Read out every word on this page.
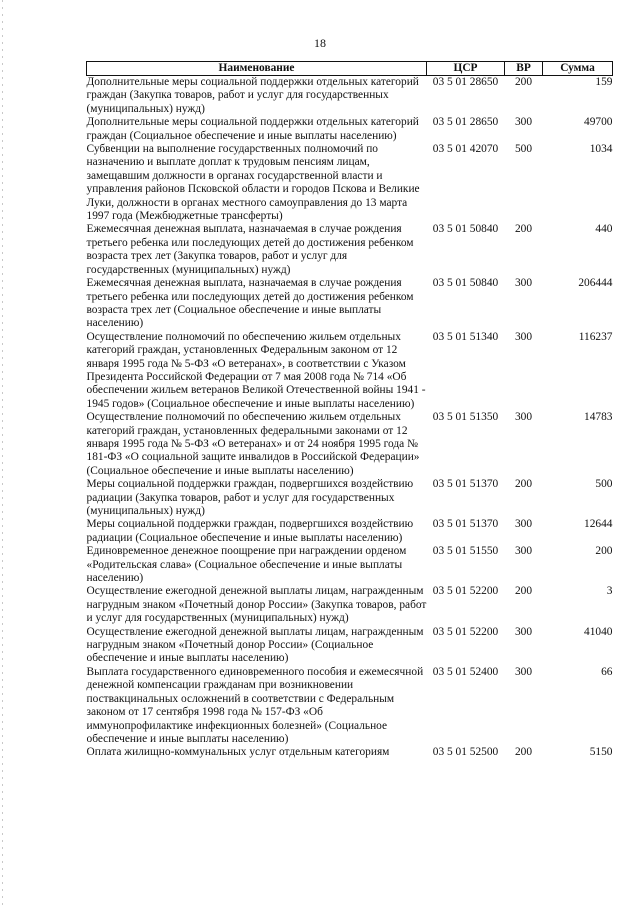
18
Наименование	ЦСР	ВР	Сумма
Дополнительные меры социальной поддержки отдельных категорий граждан (Закупка товаров, работ и услуг для государственных (муниципальных) нужд)	03 5 01 28650	200	159
Дополнительные меры социальной поддержки отдельных категорий граждан (Социальное обеспечение и иные выплаты населению)	03 5 01 28650	300	49700
Субвенции на выполнение государственных полномочий по назначению и выплате доплат к трудовым пенсиям лицам, замещавшим должности в органах государственной власти и управления районов Псковской области и городов Пскова и Великие Луки, должности в органах местного самоуправления до 13 марта 1997 года (Межбюджетные трансферты)	03 5 01 42070	500	1034
Ежемесячная денежная выплата, назначаемая в случае рождения третьего ребенка или последующих детей до достижения ребенком возраста трех лет (Закупка товаров, работ и услуг для государственных (муниципальных) нужд)	03 5 01 50840	200	440
Ежемесячная денежная выплата, назначаемая в случае рождения третьего ребенка или последующих детей до достижения ребенком возраста трех лет (Социальное обеспечение и иные выплаты населению)	03 5 01 50840	300	206444
Осуществление полномочий по обеспечению жильем отдельных категорий граждан, установленных Федеральным законом от 12 января 1995 года № 5-ФЗ «О ветеранах», в соответствии с Указом Президента Российской Федерации от 7 мая 2008 года № 714 «Об обеспечении жильем ветеранов Великой Отечественной войны 1941 - 1945 годов» (Социальное обеспечение и иные выплаты населению)	03 5 01 51340	300	116237
Осуществление полномочий по обеспечению жильем отдельных категорий граждан, установленных федеральными законами от 12 января 1995 года № 5-ФЗ «О ветеранах» и от 24 ноября 1995 года № 181-ФЗ «О социальной защите инвалидов в Российской Федерации» (Социальное обеспечение и иные выплаты населению)	03 5 01 51350	300	14783
Меры социальной поддержки граждан, подвергшихся воздействию радиации (Закупка товаров, работ и услуг для государственных (муниципальных) нужд)	03 5 01 51370	200	500
Меры социальной поддержки граждан, подвергшихся воздействию радиации (Социальное обеспечение и иные выплаты населению)	03 5 01 51370	300	12644
Единовременное денежное поощрение при награждении орденом «Родительская слава» (Социальное обеспечение и иные выплаты населению)	03 5 01 51550	300	200
Осуществление ежегодной денежной выплаты лицам, награжденным нагрудным знаком «Почетный донор России» (Закупка товаров, работ и услуг для государственных (муниципальных) нужд)	03 5 01 52200	200	3
Осуществление ежегодной денежной выплаты лицам, награжденным нагрудным знаком «Почетный донор России» (Социальное обеспечение и иные выплаты населению)	03 5 01 52200	300	41040
Выплата государственного единовременного пособия и ежемесячной денежной компенсации гражданам при возникновении поствакцинальных осложнений в соответствии с Федеральным законом от 17 сентября 1998 года № 157-ФЗ «Об иммунопрофилактике инфекционных болезней» (Социальное обеспечение и иные выплаты населению)	03 5 01 52400	300	66
Оплата жилищно-коммунальных услуг отдельным категориям	03 5 01 52500	200	5150
